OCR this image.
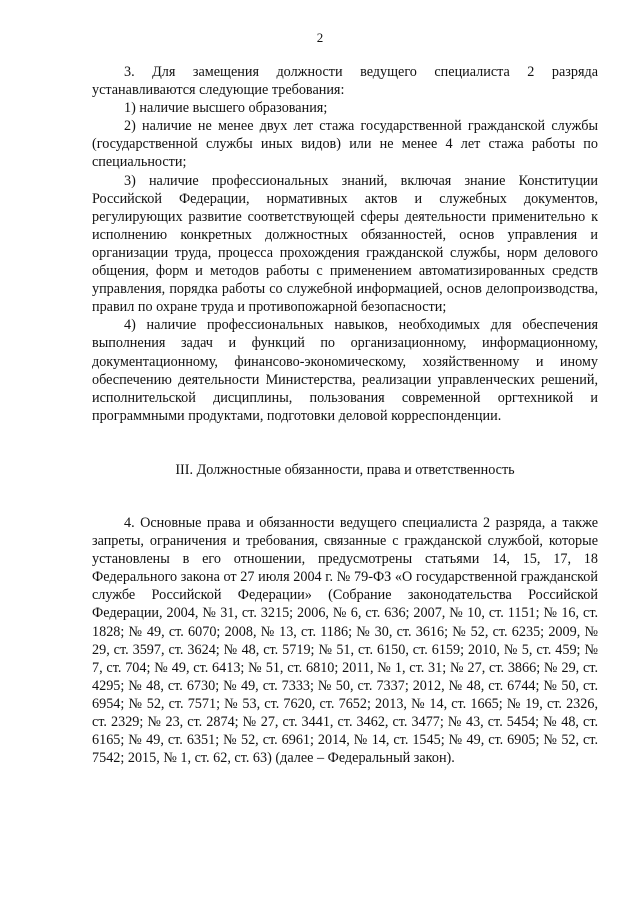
2

3. Для замещения должности ведущего специалиста 2 разряда устанавливаются следующие требования:

1) наличие высшего образования;

2) наличие не менее двух лет стажа государственной гражданской службы (государственной службы иных видов) или не менее 4 лет стажа работы по специальности;

3) наличие профессиональных знаний, включая знание Конституции Российской Федерации, нормативных актов и служебных документов, регулирующих развитие соответствующей сферы деятельности применительно к исполнению конкретных должностных обязанностей, основ управления и организации труда, процесса прохождения гражданской службы, норм делового общения, форм и методов работы с применением автоматизированных средств управления, порядка работы со служебной информацией, основ делопроизводства, правил по охране труда и противопожарной безопасности;

4) наличие профессиональных навыков, необходимых для обеспечения выполнения задач и функций по организационному, информационному, документационному, финансово-экономическому, хозяйственному и иному обеспечению деятельности Министерства, реализации управленческих решений, исполнительской дисциплины, пользования современной оргтехникой и программными продуктами, подготовки деловой корреспонденции.

III. Должностные обязанности, права и ответственность

4. Основные права и обязанности ведущего специалиста 2 разряда, а также запреты, ограничения и требования, связанные с гражданской службой, которые установлены в его отношении, предусмотрены статьями 14, 15, 17, 18 Федерального закона от 27 июля 2004 г. № 79-ФЗ «О государственной гражданской службе Российской Федерации» (Собрание законодательства Российской Федерации, 2004, № 31, ст. 3215; 2006, № 6, ст. 636; 2007, № 10, ст. 1151; № 16, ст. 1828; № 49, ст. 6070; 2008, № 13, ст. 1186; № 30, ст. 3616; № 52, ст. 6235; 2009, № 29, ст. 3597, ст. 3624; № 48, ст. 5719; № 51, ст. 6150, ст. 6159; 2010, № 5, ст. 459; № 7, ст. 704; № 49, ст. 6413; № 51, ст. 6810; 2011, № 1, ст. 31; № 27, ст. 3866; № 29, ст. 4295; № 48, ст. 6730; № 49, ст. 7333; № 50, ст. 7337; 2012, № 48, ст. 6744; № 50, ст. 6954; № 52, ст. 7571; № 53, ст. 7620, ст. 7652; 2013, № 14, ст. 1665; № 19, ст. 2326, ст. 2329; № 23, ст. 2874; № 27, ст. 3441, ст. 3462, ст. 3477; № 43, ст. 5454; № 48, ст. 6165; № 49, ст. 6351; № 52, ст. 6961; 2014, № 14, ст. 1545; № 49, ст. 6905; № 52, ст. 7542; 2015, № 1, ст. 62, ст. 63) (далее – Федеральный закон).
